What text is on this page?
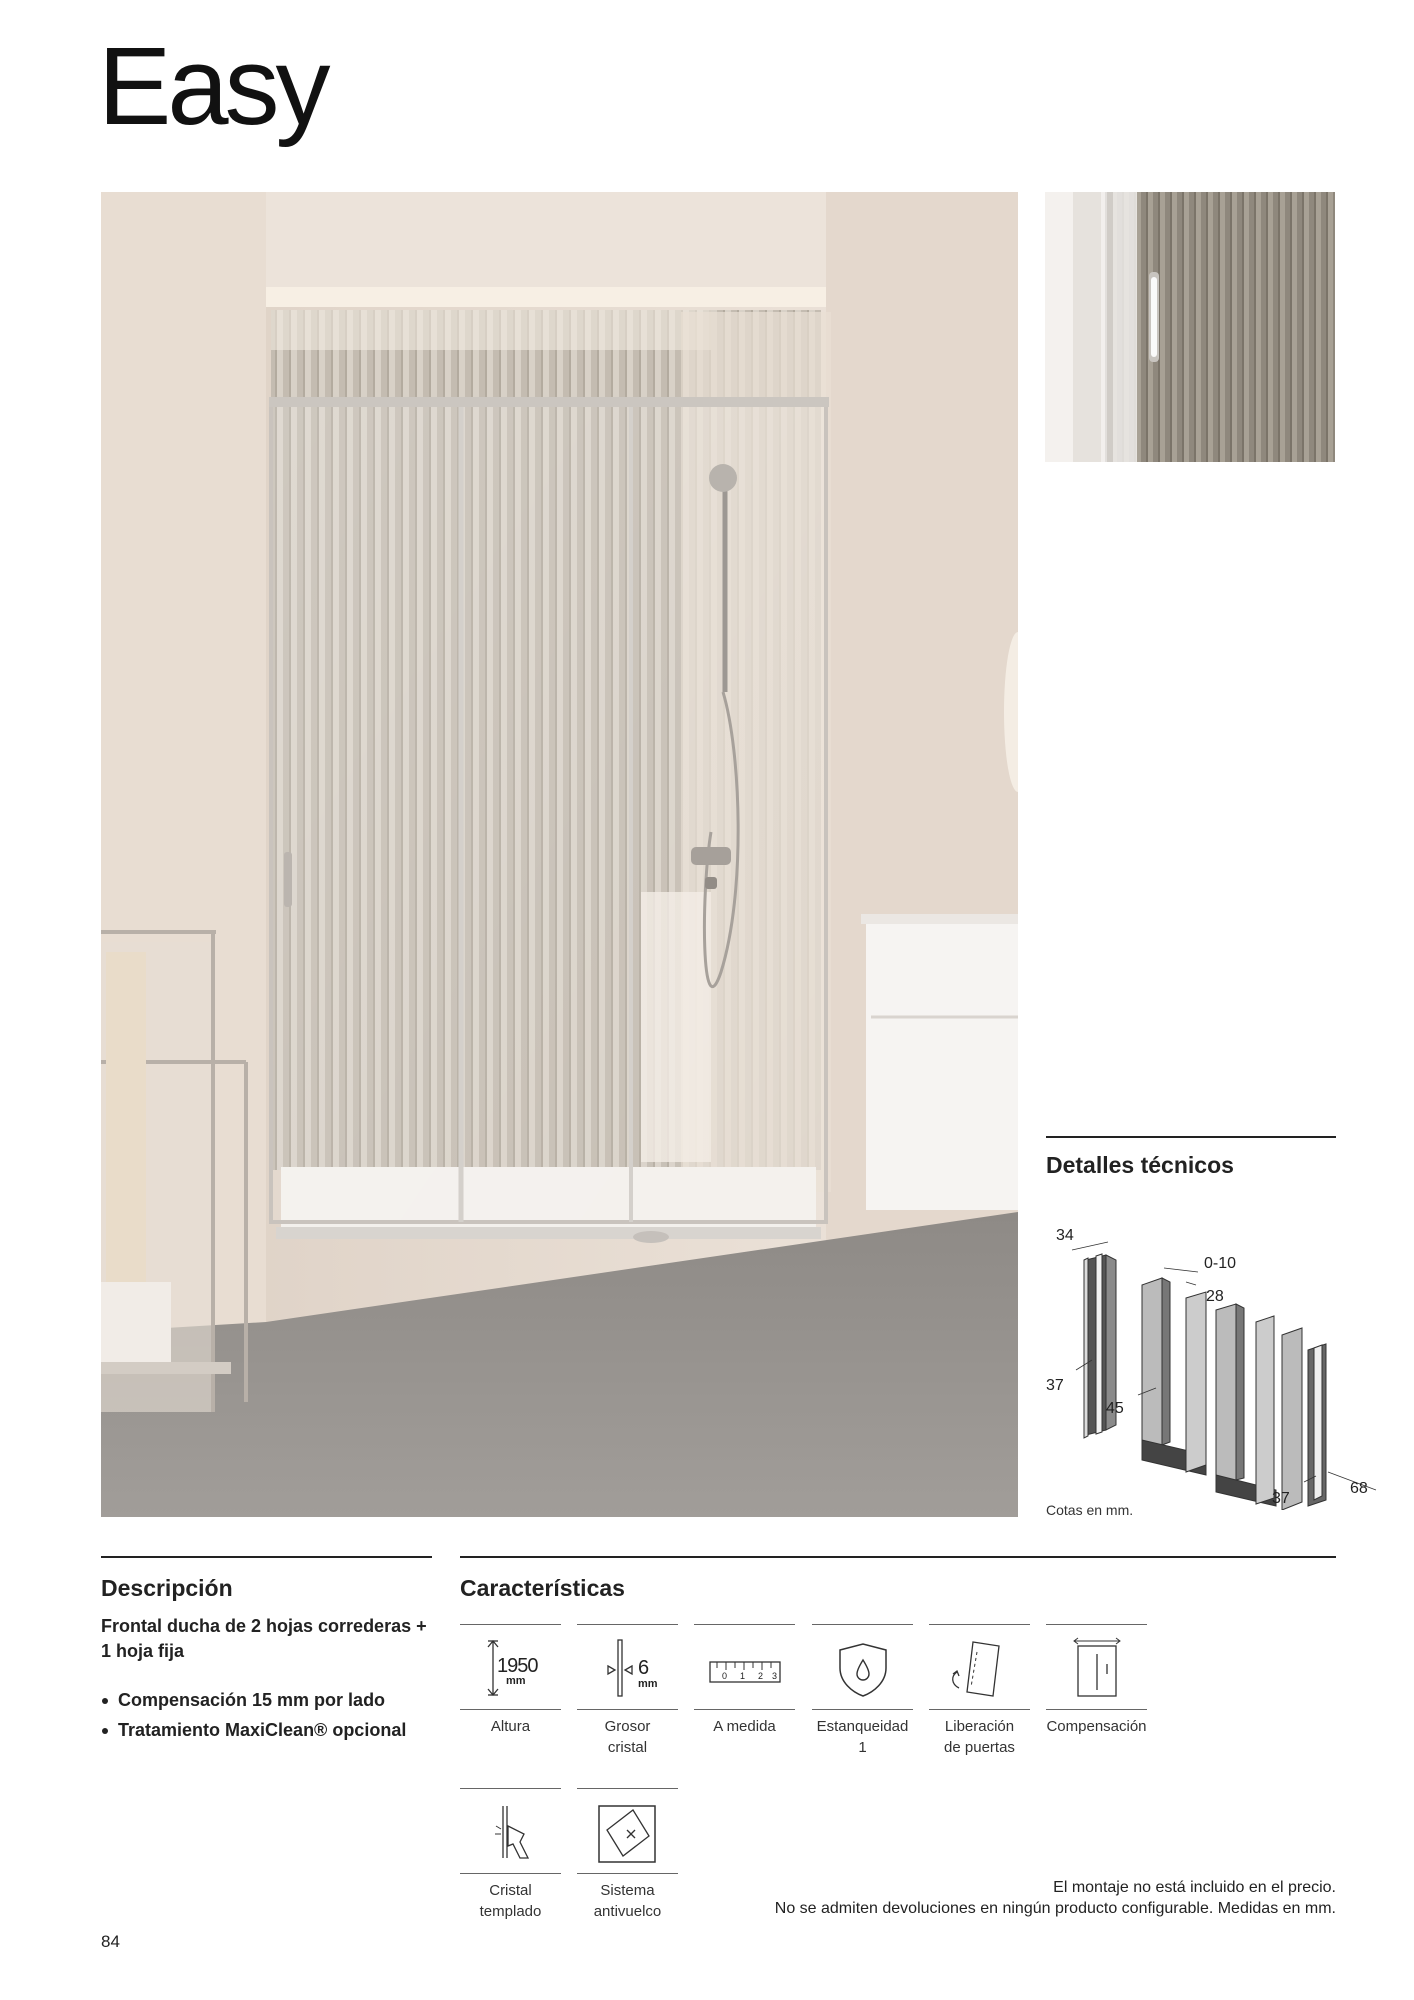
Easy
Detalles técnicos
34
0-10
28
37
45
37
68
Cotas en mm.
Descripción
Frontal ducha de 2 hojas correderas + 1 hoja fija
Compensación 15 mm por lado
Tratamiento MaxiClean® opcional
Características
1950
mm
Altura
6
mm
Grosor
cristal
0 1 2 3
A medida	Estanqueidad
1
Liberación
de puertas
Compensación
Cristal
templado
Sistema
antivuelco
El montaje no está incluido en el precio.
No se admiten devoluciones en ningún producto configurable. Medidas en mm.
84
